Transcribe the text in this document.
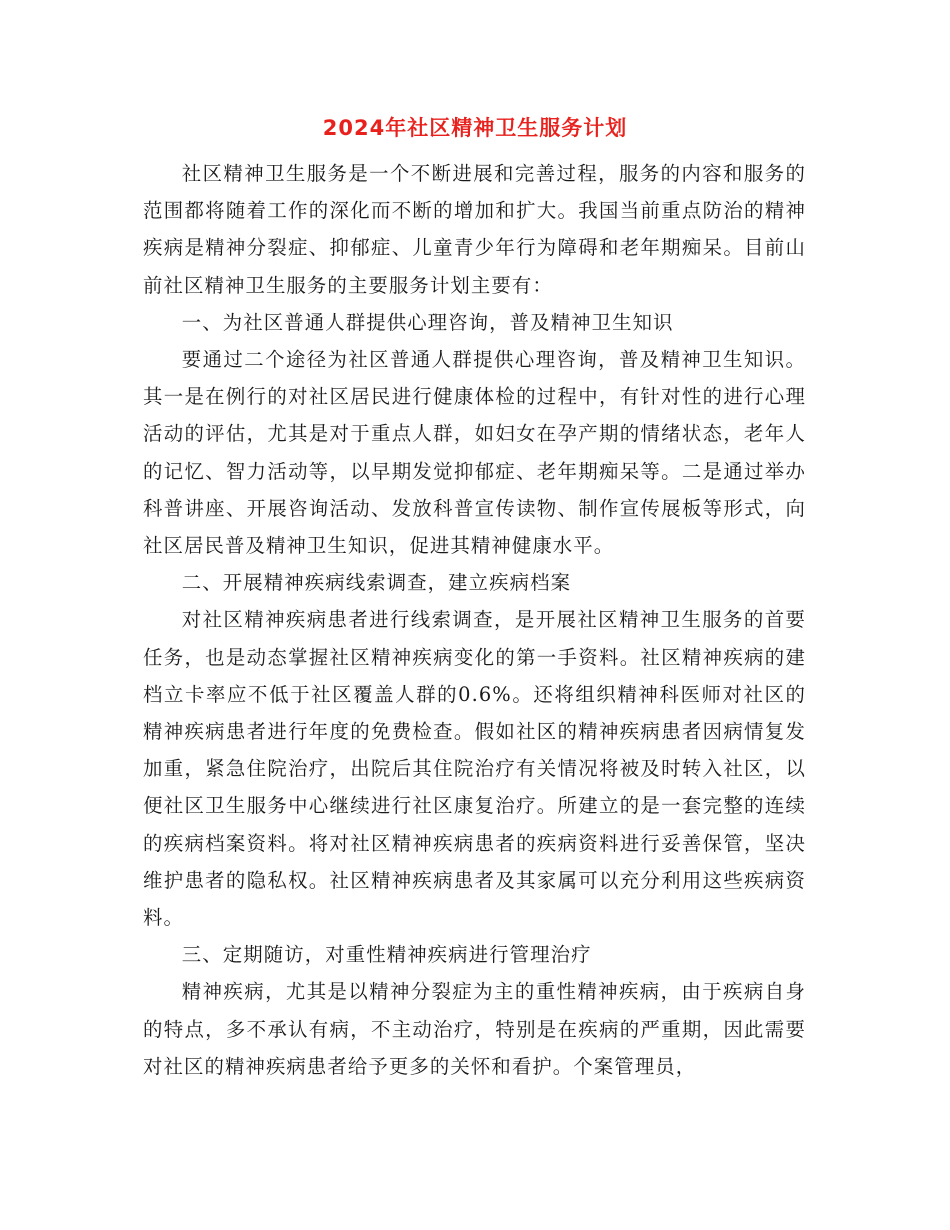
2024年社区精神卫生服务计划

社区精神卫生服务是一个不断进展和完善过程，服务的内容和服务的范围都将随着工作的深化而不断的增加和扩大。我国当前重点防治的精神疾病是精神分裂症、抑郁症、儿童青少年行为障碍和老年期痴呆。目前山前社区精神卫生服务的主要服务计划主要有：

一、为社区普通人群提供心理咨询，普及精神卫生知识

要通过二个途径为社区普通人群提供心理咨询，普及精神卫生知识。其一是在例行的对社区居民进行健康体检的过程中，有针对性的进行心理活动的评估，尤其是对于重点人群，如妇女在孕产期的情绪状态，老年人的记忆、智力活动等，以早期发觉抑郁症、老年期痴呆等。二是通过举办科普讲座、开展咨询活动、发放科普宣传读物、制作宣传展板等形式，向社区居民普及精神卫生知识，促进其精神健康水平。

二、开展精神疾病线索调查，建立疾病档案

对社区精神疾病患者进行线索调查，是开展社区精神卫生服务的首要任务，也是动态掌握社区精神疾病变化的第一手资料。社区精神疾病的建档立卡率应不低于社区覆盖人群的0.6%。还将组织精神科医师对社区的精神疾病患者进行年度的免费检查。假如社区的精神疾病患者因病情复发加重，紧急住院治疗，出院后其住院治疗有关情况将被及时转入社区，以便社区卫生服务中心继续进行社区康复治疗。所建立的是一套完整的连续的疾病档案资料。将对社区精神疾病患者的疾病资料进行妥善保管，坚决维护患者的隐私权。社区精神疾病患者及其家属可以充分利用这些疾病资料。

三、定期随访，对重性精神疾病进行管理治疗

精神疾病，尤其是以精神分裂症为主的重性精神疾病，由于疾病自身的特点，多不承认有病，不主动治疗，特别是在疾病的严重期，因此需要对社区的精神疾病患者给予更多的关怀和看护。个案管理员，
